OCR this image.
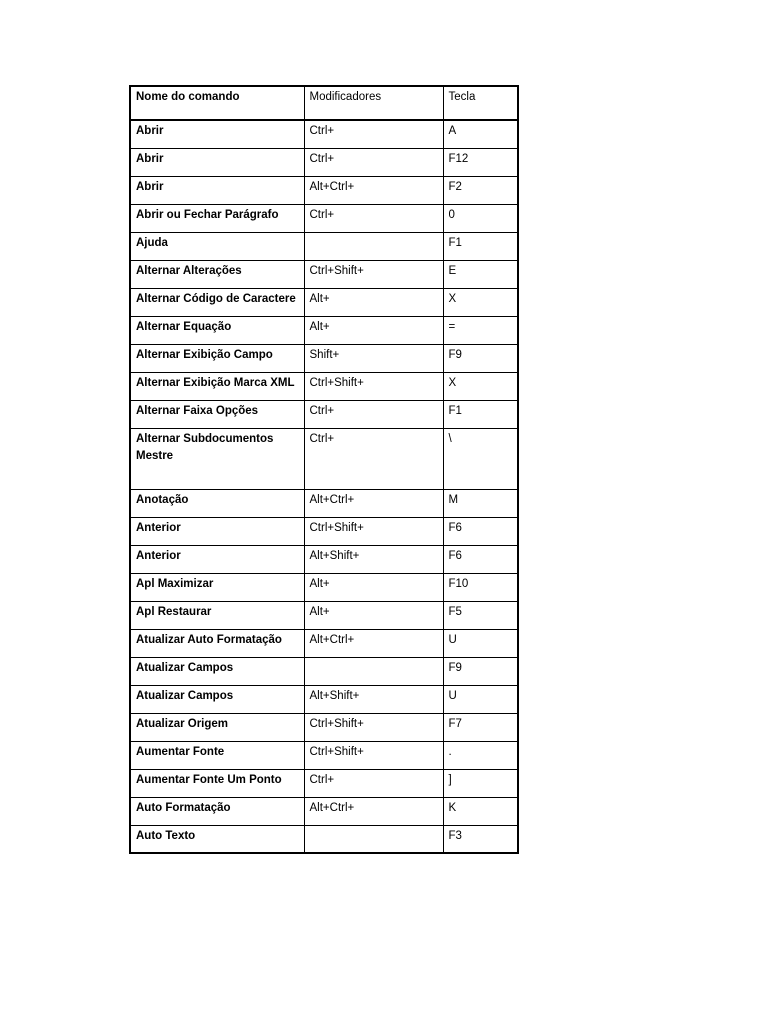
Nome do comando	Modificadores	Tecla
Abrir	Ctrl+	A
Abrir	Ctrl+	F12
Abrir	Alt+Ctrl+	F2
Abrir ou Fechar Parágrafo	Ctrl+	0
Ajuda		F1
Alternar Alterações	Ctrl+Shift+	E
Alternar Código de Caractere	Alt+	X
Alternar Equação	Alt+	=
Alternar Exibição Campo	Shift+	F9
Alternar Exibição Marca XML	Ctrl+Shift+	X
Alternar Faixa Opções	Ctrl+	F1
Alternar Subdocumentos Mestre	Ctrl+	\
Anotação	Alt+Ctrl+	M
Anterior	Ctrl+Shift+	F6
Anterior	Alt+Shift+	F6
Apl Maximizar	Alt+	F10
Apl Restaurar	Alt+	F5
Atualizar Auto Formatação	Alt+Ctrl+	U
Atualizar Campos		F9
Atualizar Campos	Alt+Shift+	U
Atualizar Origem	Ctrl+Shift+	F7
Aumentar Fonte	Ctrl+Shift+	.
Aumentar Fonte Um Ponto	Ctrl+	]
Auto Formatação	Alt+Ctrl+	K
Auto Texto		F3
